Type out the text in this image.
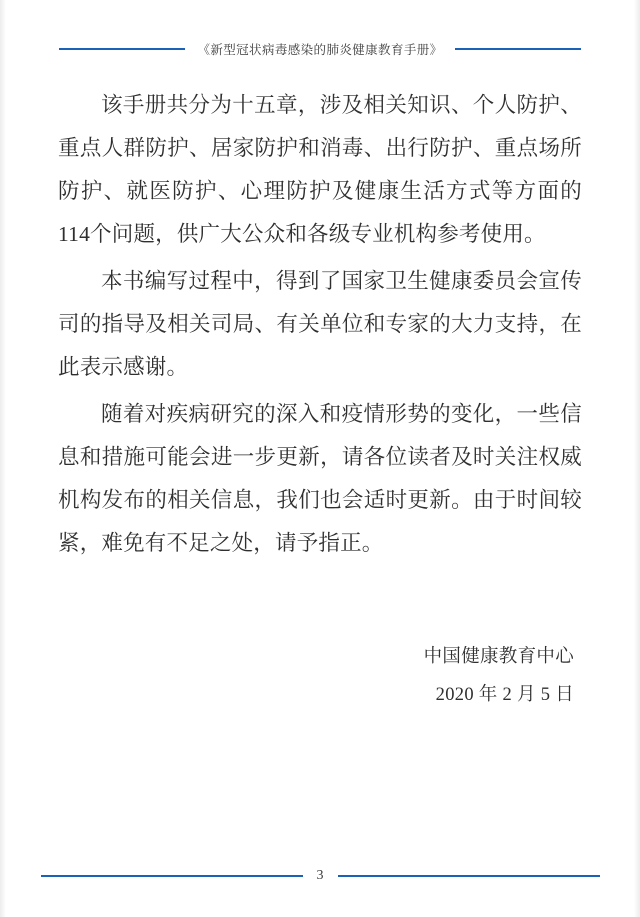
《新型冠状病毒感染的肺炎健康教育手册》

该手册共分为十五章，涉及相关知识、个人防护、重点人群防护、居家防护和消毒、出行防护、重点场所防护、就医防护、心理防护及健康生活方式等方面的114个问题，供广大公众和各级专业机构参考使用。

本书编写过程中，得到了国家卫生健康委员会宣传司的指导及相关司局、有关单位和专家的大力支持，在此表示感谢。

随着对疾病研究的深入和疫情形势的变化，一些信息和措施可能会进一步更新，请各位读者及时关注权威机构发布的相关信息，我们也会适时更新。由于时间较紧，难免有不足之处，请予指正。

中国健康教育中心
2020 年 2 月 5 日
3
